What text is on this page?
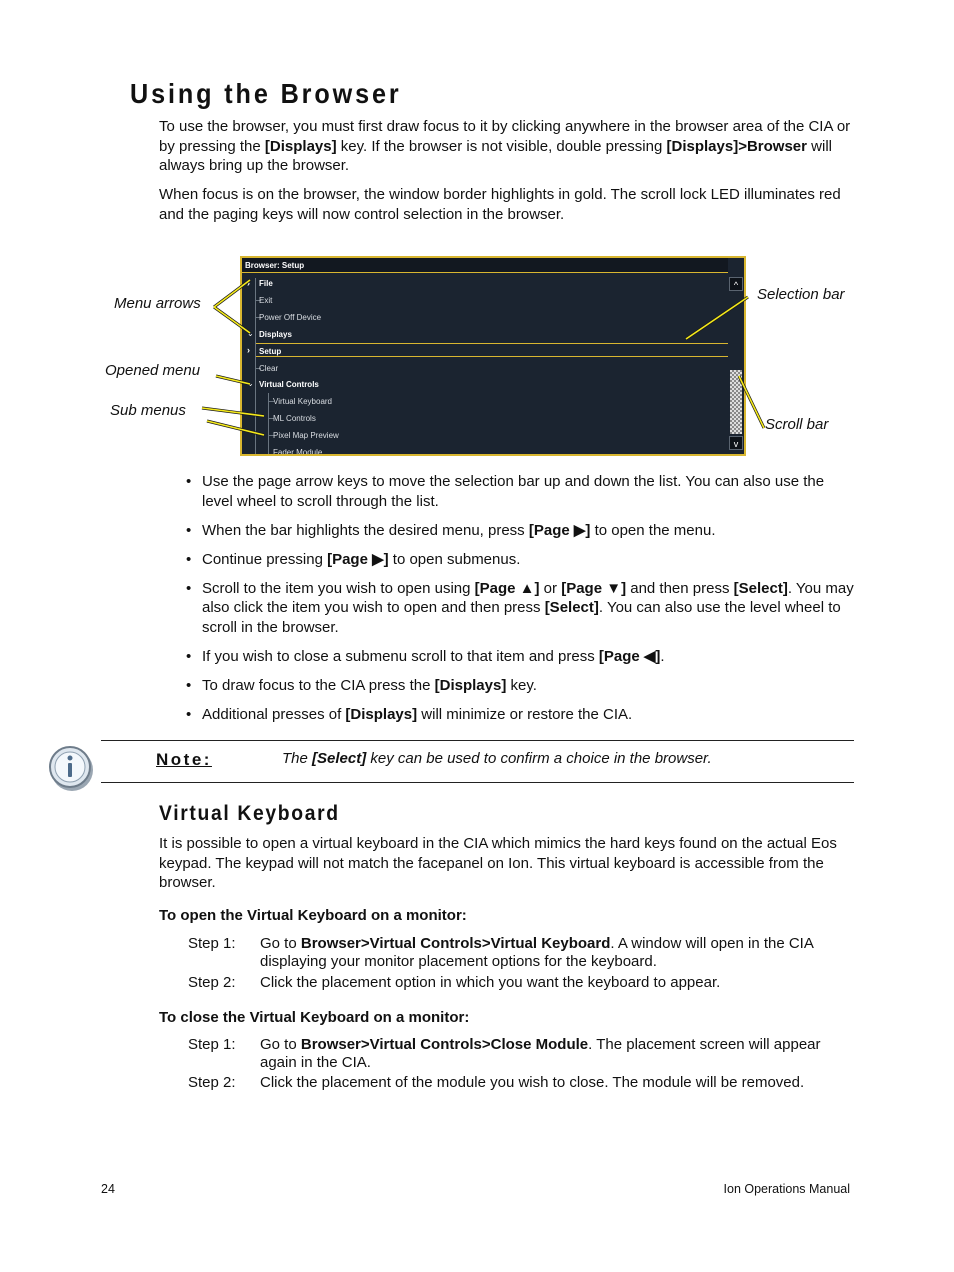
Using the Browser

To use the browser, you must first draw focus to it by clicking anywhere in the browser area of the CIA or by pressing the [Displays] key. If the browser is not visible, double pressing [Displays]>Browser will always bring up the browser.

When focus is on the browser, the window border highlights in gold. The scroll lock LED illuminates red and the paging keys will now control selection in the browser.

Browser: Setup
›
⌄
›
⌄
File
Exit
Power Off Device
Displays
Setup
Clear
Virtual Controls
Virtual Keyboard
ML Controls
Pixel Map Preview
Fader Module
^
v
Menu arrows
Opened menu
Sub menus
Selection bar
Scroll bar
• Use the page arrow keys to move the selection bar up and down the list. You can also use the level wheel to scroll through the list.
• When the bar highlights the desired menu, press [Page ▶] to open the menu.
• Continue pressing [Page ▶] to open submenus.
• Scroll to the item you wish to open using [Page ▲] or [Page ▼] and then press [Select]. You may also click the item you wish to open and then press [Select]. You can also use the level wheel to scroll in the browser.
• If you wish to close a submenu scroll to that item and press [Page ◀].
• To draw focus to the CIA press the [Displays] key.
• Additional presses of [Displays] will minimize or restore the CIA.
Note:	The [Select] key can be used to confirm a choice in the browser.
Virtual Keyboard

It is possible to open a virtual keyboard in the CIA which mimics the hard keys found on the actual Eos keypad. The keypad will not match the facepanel on Ion. This virtual keyboard is accessible from the browser.

To open the Virtual Keyboard on a monitor:
Step 1:	Go to Browser>Virtual Controls>Virtual Keyboard. A window will open in the CIA displaying your monitor placement options for the keyboard.
Step 2:	Click the placement option in which you want the keyboard to appear.
To close the Virtual Keyboard on a monitor:
Step 1:	Go to Browser>Virtual Controls>Close Module. The placement screen will appear again in the CIA.
Step 2:	Click the placement of the module you wish to close. The module will be removed.
24	Ion Operations Manual
